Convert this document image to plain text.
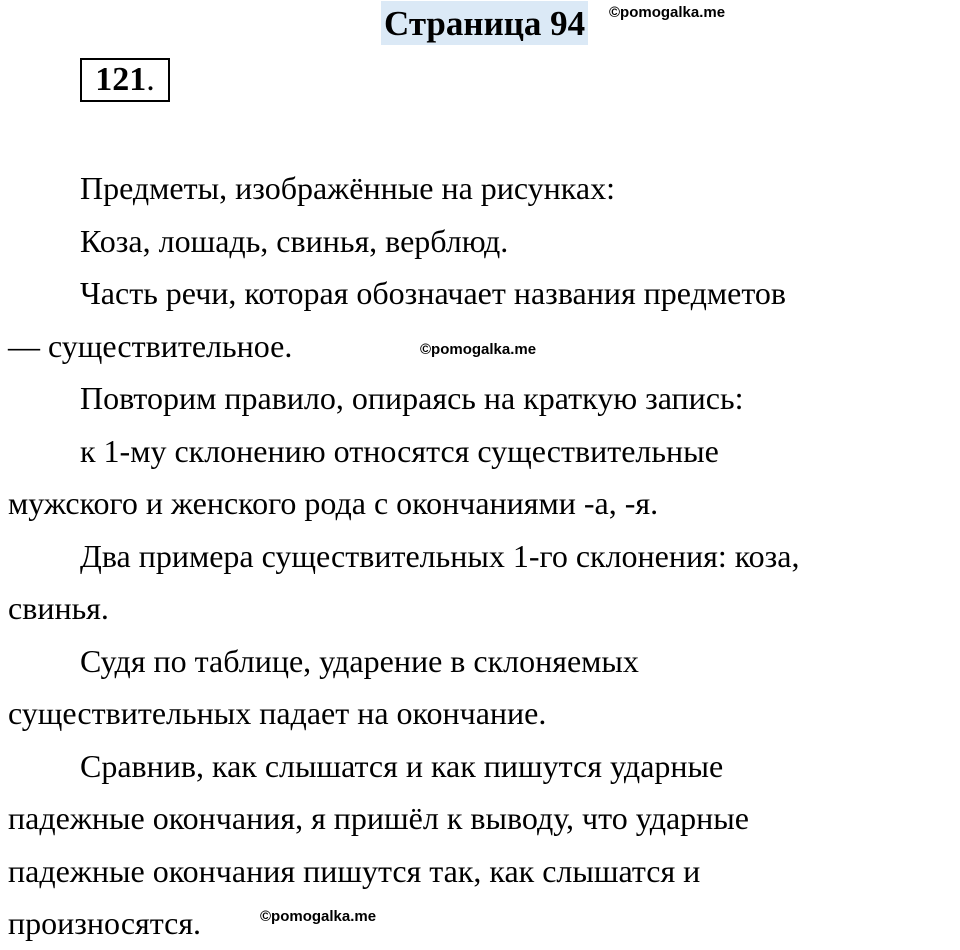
Страница 94 ©pomogalka.me
121.
Предметы, изображённые на рисунках:
Коза, лошадь, свинья, верблюд.
Часть речи, которая обозначает названия предметов
— существительное.
Повторим правило, опираясь на краткую запись:
к 1-му склонению относятся существительные
мужского и женского рода с окончаниями -а, -я.
Два примера существительных 1-го склонения: коза,
свинья.
Судя по таблице, ударение в склоняемых
существительных падает на окончание.
Сравнив, как слышатся и как пишутся ударные
падежные окончания, я пришёл к выводу, что ударные
падежные окончания пишутся так, как слышатся и
произносятся.
©pomogalka.me
©pomogalka.me
